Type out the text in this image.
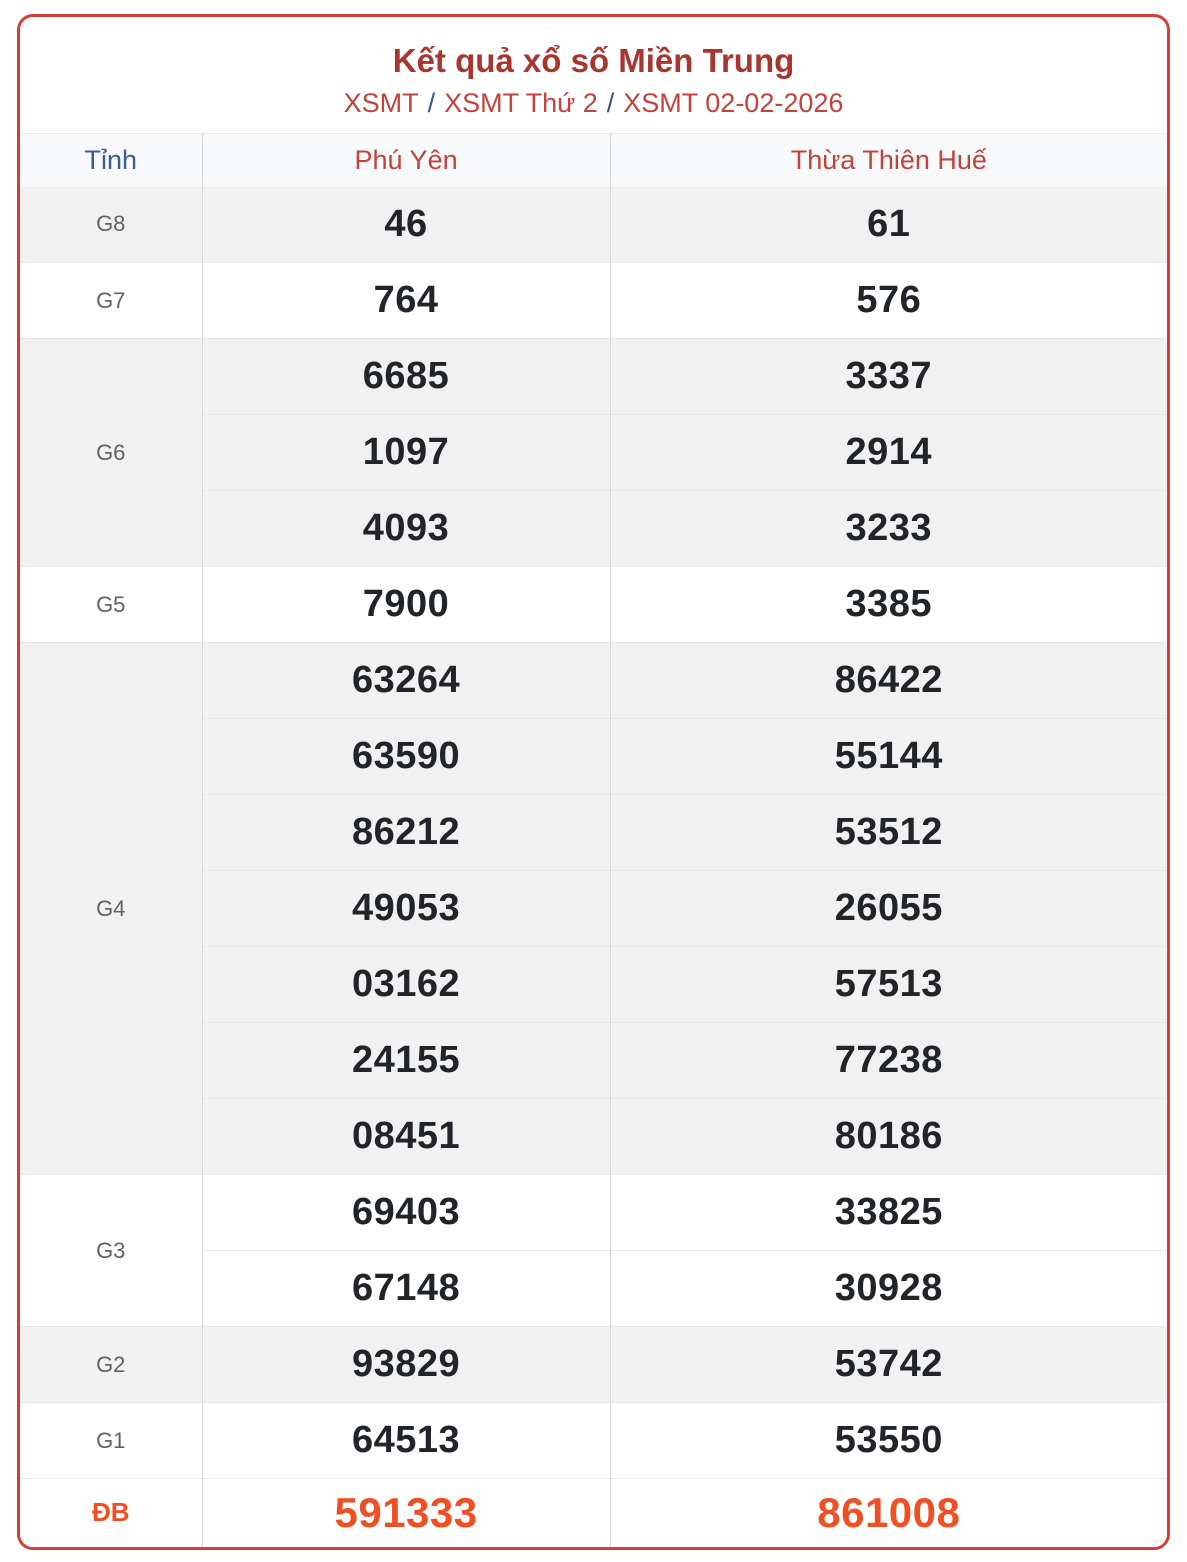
Kết quả xổ số Miền Trung
XSMT / XSMT Thứ 2 / XSMT 02-02-2026
Tỉnh	Phú Yên	Thừa Thiên Huế
G8	46	61
G7	764	576
G6	6685	3337
	1097	2914
	4093	3233
G5	7900	3385
G4	63264	86422
	63590	55144
	86212	53512
	49053	26055
	03162	57513
	24155	77238
	08451	80186
G3	69403	33825
	67148	30928
G2	93829	53742
G1	64513	53550
ĐB	591333	861008
